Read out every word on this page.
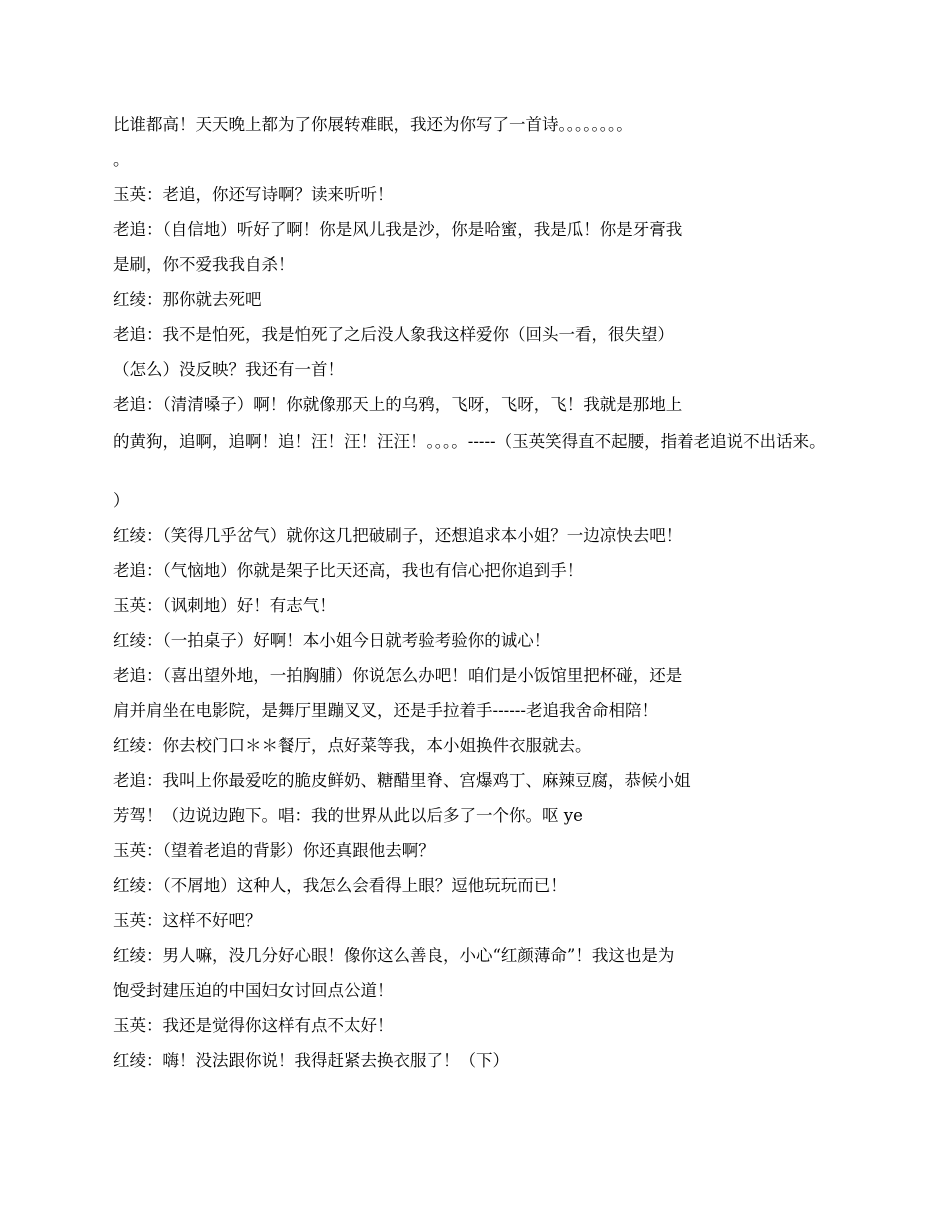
比谁都高！天天晚上都为了你展转难眠，我还为你写了一首诗。。。。。。。。

。

玉英：老追，你还写诗啊？读来听听！

老追：（自信地）听好了啊！你是风儿我是沙，你是哈蜜，我是瓜！你是牙膏我

是刷，你不爱我我自杀！

红绫：那你就去死吧

老追：我不是怕死，我是怕死了之后没人象我这样爱你（回头一看，很失望）

（怎么）没反映？我还有一首！

老追：（清清嗓子）啊！你就像那天上的乌鸦，飞呀，飞呀，飞！我就是那地上

的黄狗，追啊，追啊！追！汪！汪！汪汪！。。。。-----（玉英笑得直不起腰，指着老追说不出话来。

）

红绫：（笑得几乎岔气）就你这几把破刷子，还想追求本小姐？一边凉快去吧！

老追：（气恼地）你就是架子比天还高，我也有信心把你追到手！

玉英：（讽刺地）好！有志气！

红绫：（一拍桌子）好啊！本小姐今日就考验考验你的诚心！

老追：（喜出望外地，一拍胸脯）你说怎么办吧！咱们是小饭馆里把杯碰，还是

肩并肩坐在电影院，是舞厅里蹦叉叉，还是手拉着手------老追我舍命相陪！

红绫：你去校门口＊＊餐厅，点好菜等我，本小姐换件衣服就去。

老追：我叫上你最爱吃的脆皮鲜奶、糖醋里脊、宫爆鸡丁、麻辣豆腐，恭候小姐

芳驾！（边说边跑下。唱：我的世界从此以后多了一个你。呕 ye

玉英：（望着老追的背影）你还真跟他去啊？

红绫：（不屑地）这种人，我怎么会看得上眼？逗他玩玩而已！

玉英：这样不好吧？

红绫：男人嘛，没几分好心眼！像你这么善良，小心“红颜薄命”！我这也是为

饱受封建压迫的中国妇女讨回点公道！

玉英：我还是觉得你这样有点不太好！

红绫：嗨！没法跟你说！我得赶紧去换衣服了！（下）
